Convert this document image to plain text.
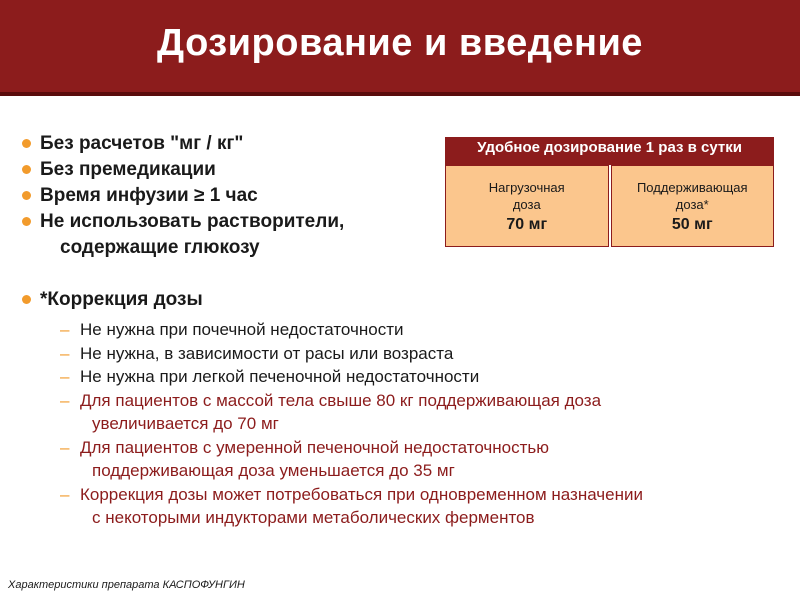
Дозирование и введение
Без расчетов "мг / кг"
Без премедикации
Время инфузии ≥ 1 час
Не использовать растворители,
содержащие глюкозу
*Коррекция дозы
– Не нужна при почечной недостаточности
– Не нужна, в зависимости от расы или возраста
– Не нужна при легкой печеночной недостаточности
– Для пациентов с массой тела свыше 80 кг поддерживающая доза
увеличивается до 70 мг
– Для пациентов с умеренной печеночной недостаточностью
поддерживающая доза уменьшается до 35 мг
– Коррекция дозы может потребоваться при одновременном назначении
с некоторыми индукторами метаболических ферментов
Удобное дозирование 1 раз в сутки
Нагрузочная
доза
70 мг
Поддерживающая
доза*
50 мг
Характеристики препарата КАСПОФУНГИН
